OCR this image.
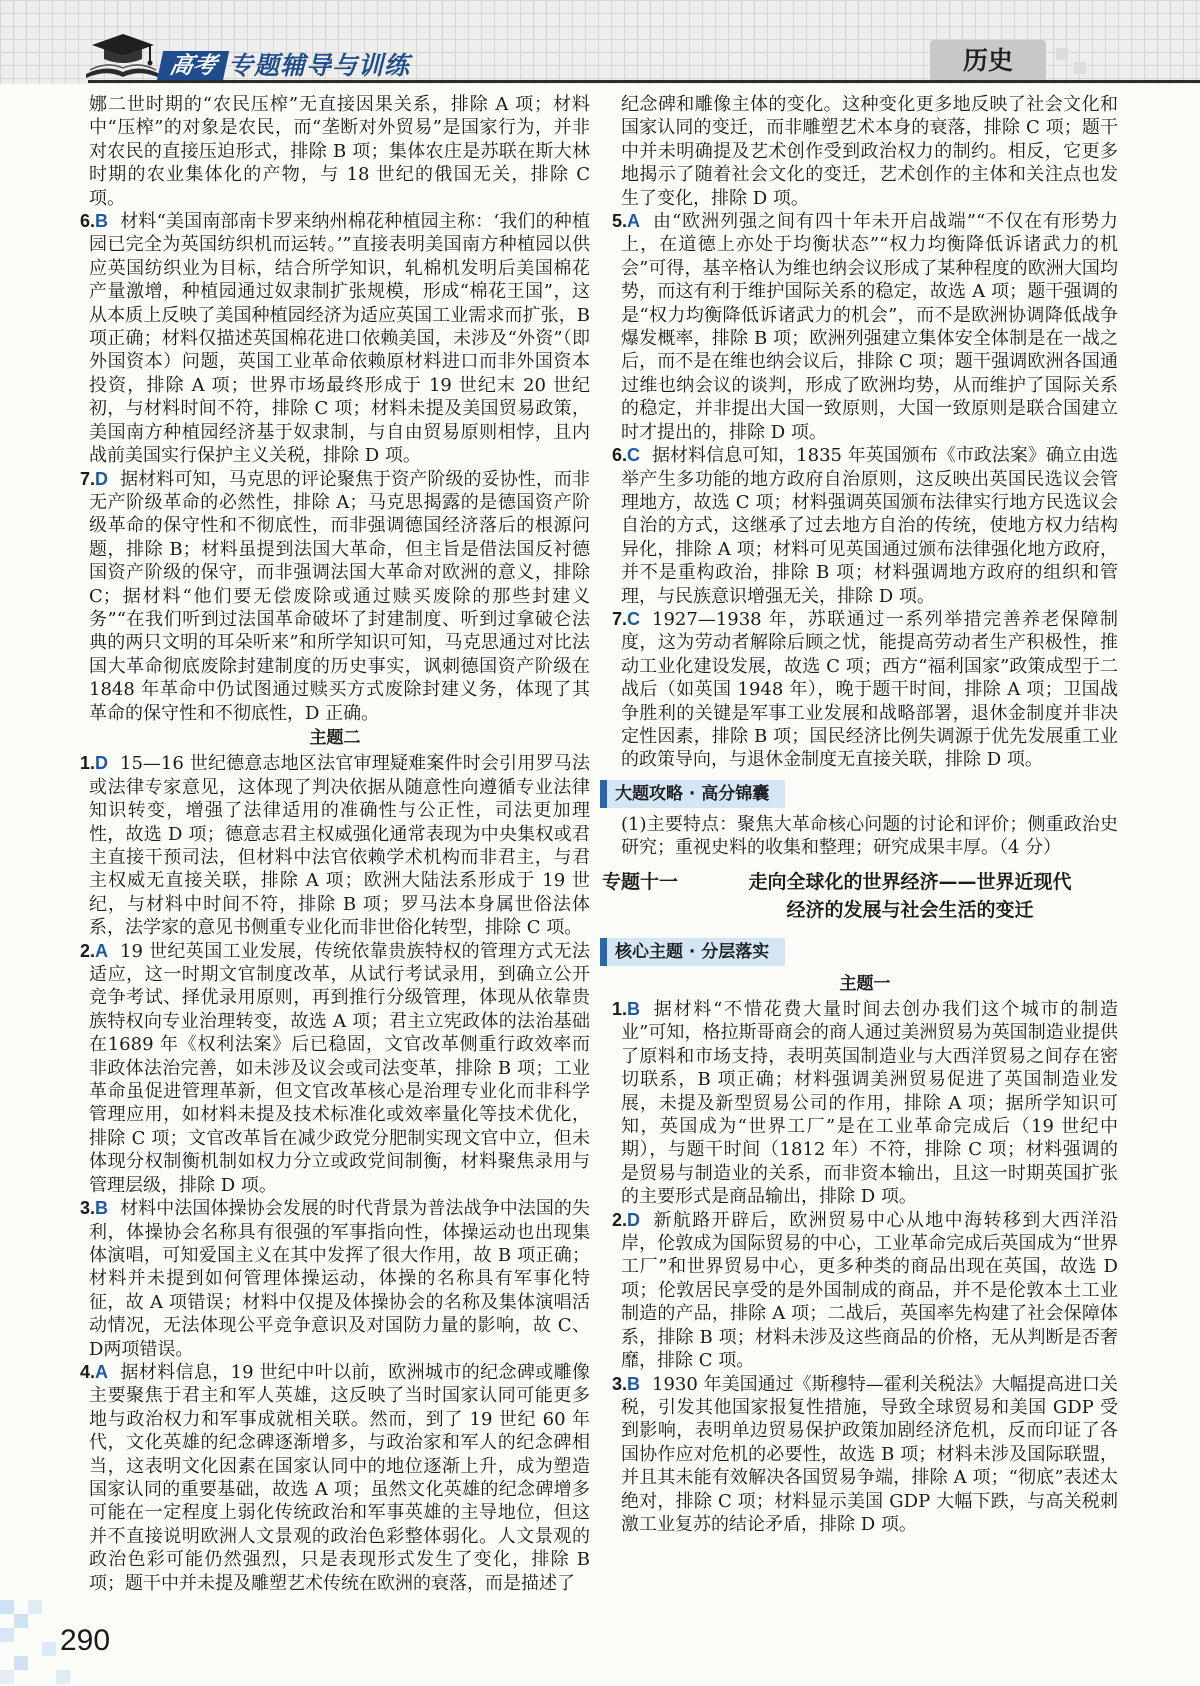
高考 专题辅导与训练	历史
娜二世时期的“农民压榨”无直接因果关系，排除 A 项；材料中“压榨”的对象是农民，而“垄断对外贸易”是国家行为，并非对农民的直接压迫形式，排除 B 项；集体农庄是苏联在斯大林时期的农业集体化的产物，与 18 世纪的俄国无关，排除 C 项。
6.B 材料“美国南部南卡罗来纳州棉花种植园主称：‘我们的种植园已完全为英国纺织机而运转。’”直接表明美国南方种植园以供应英国纺织业为目标，结合所学知识，轧棉机发明后美国棉花产量激增，种植园通过奴隶制扩张规模，形成“棉花王国”，这从本质上反映了美国种植园经济为适应英国工业需求而扩张，B 项正确；材料仅描述英国棉花进口依赖美国，未涉及“外资”（即外国资本）问题，英国工业革命依赖原材料进口而非外国资本投资，排除 A 项；世界市场最终形成于 19 世纪末 20 世纪初，与材料时间不符，排除 C 项；材料未提及美国贸易政策，美国南方种植园经济基于奴隶制，与自由贸易原则相悖，且内战前美国实行保护主义关税，排除 D 项。
7.D 据材料可知，马克思的评论聚焦于资产阶级的妥协性，而非无产阶级革命的必然性，排除 A；马克思揭露的是德国资产阶级革命的保守性和不彻底性，而非强调德国经济落后的根源问题，排除 B；材料虽提到法国大革命，但主旨是借法国反衬德国资产阶级的保守，而非强调法国大革命对欧洲的意义，排除 C；据材料“他们要无偿废除或通过赎买废除的那些封建义务”“在我们听到过法国革命破坏了封建制度、听到过拿破仑法典的两只文明的耳朵听来”和所学知识可知，马克思通过对比法国大革命彻底废除封建制度的历史事实，讽刺德国资产阶级在1848 年革命中仍试图通过赎买方式废除封建义务，体现了其革命的保守性和不彻底性，D 正确。
主题二
1.D 15—16 世纪德意志地区法官审理疑难案件时会引用罗马法或法律专家意见，这体现了判决依据从随意性向遵循专业法律知识转变，增强了法律适用的准确性与公正性，司法更加理性，故选 D 项；德意志君主权威强化通常表现为中央集权或君主直接干预司法，但材料中法官依赖学术机构而非君主，与君主权威无直接关联，排除 A 项；欧洲大陆法系形成于 19 世纪，与材料中时间不符，排除 B 项；罗马法本身属世俗法体系，法学家的意见书侧重专业化而非世俗化转型，排除 C 项。
2.A 19 世纪英国工业发展，传统依靠贵族特权的管理方式无法适应，这一时期文官制度改革，从试行考试录用，到确立公开竞争考试、择优录用原则，再到推行分级管理，体现从依靠贵族特权向专业治理转变，故选 A 项；君主立宪政体的法治基础在1689 年《权利法案》后已稳固，文官改革侧重行政效率而非政体法治完善，如未涉及议会或司法变革，排除 B 项；工业革命虽促进管理革新，但文官改革核心是治理专业化而非科学管理应用，如材料未提及技术标准化或效率量化等技术优化，排除 C 项；文官改革旨在减少政党分肥制实现文官中立，但未体现分权制衡机制如权力分立或政党间制衡，材料聚焦录用与管理层级，排除 D 项。
3.B 材料中法国体操协会发展的时代背景为普法战争中法国的失利，体操协会名称具有很强的军事指向性，体操运动也出现集体演唱，可知爱国主义在其中发挥了很大作用，故 B 项正确；材料并未提到如何管理体操运动，体操的名称具有军事化特征，故 A 项错误；材料中仅提及体操协会的名称及集体演唱活动情况，无法体现公平竞争意识及对国防力量的影响，故 C、D两项错误。
4.A 据材料信息，19 世纪中叶以前，欧洲城市的纪念碑或雕像主要聚焦于君主和军人英雄，这反映了当时国家认同可能更多地与政治权力和军事成就相关联。然而，到了 19 世纪 60 年代，文化英雄的纪念碑逐渐增多，与政治家和军人的纪念碑相当，这表明文化因素在国家认同中的地位逐渐上升，成为塑造国家认同的重要基础，故选 A 项；虽然文化英雄的纪念碑增多可能在一定程度上弱化传统政治和军事英雄的主导地位，但这并不直接说明欧洲人文景观的政治色彩整体弱化。人文景观的政治色彩可能仍然强烈，只是表现形式发生了变化，排除 B 项；题干中并未提及雕塑艺术传统在欧洲的衰落，而是描述了
纪念碑和雕像主体的变化。这种变化更多地反映了社会文化和国家认同的变迁，而非雕塑艺术本身的衰落，排除 C 项；题干中并未明确提及艺术创作受到政治权力的制约。相反，它更多地揭示了随着社会文化的变迁，艺术创作的主体和关注点也发生了变化，排除 D 项。
5.A 由“欧洲列强之间有四十年未开启战端”“不仅在有形势力上，在道德上亦处于均衡状态”“权力均衡降低诉诸武力的机会”可得，基辛格认为维也纳会议形成了某种程度的欧洲大国均势，而这有利于维护国际关系的稳定，故选 A 项；题干强调的是“权力均衡降低诉诸武力的机会”，而不是欧洲协调降低战争爆发概率，排除 B 项；欧洲列强建立集体安全体制是在一战之后，而不是在维也纳会议后，排除 C 项；题干强调欧洲各国通过维也纳会议的谈判，形成了欧洲均势，从而维护了国际关系的稳定，并非提出大国一致原则，大国一致原则是联合国建立时才提出的，排除 D 项。
6.C 据材料信息可知，1835 年英国颁布《市政法案》确立由选举产生多功能的地方政府自治原则，这反映出英国民选议会管理地方，故选 C 项；材料强调英国颁布法律实行地方民选议会自治的方式，这继承了过去地方自治的传统，使地方权力结构异化，排除 A 项；材料可见英国通过颁布法律强化地方政府，并不是重构政治，排除 B 项；材料强调地方政府的组织和管理，与民族意识增强无关，排除 D 项。
7.C 1927—1938 年，苏联通过一系列举措完善养老保障制度，这为劳动者解除后顾之忧，能提高劳动者生产积极性，推动工业化建设发展，故选 C 项；西方“福利国家”政策成型于二战后（如英国 1948 年），晚于题干时间，排除 A 项；卫国战争胜利的关键是军事工业发展和战略部署，退休金制度并非决定性因素，排除 B 项；国民经济比例失调源于优先发展重工业的政策导向，与退休金制度无直接关联，排除 D 项。
大题攻略 · 高分锦囊
(1)主要特点：聚焦大革命核心问题的讨论和评价；侧重政治史研究；重视史料的收集和整理；研究成果丰厚。（4 分）
专题十一	走向全球化的世界经济——世界近现代
经济的发展与社会生活的变迁
核心主题 · 分层落实
主题一
1.B 据材料“不惜花费大量时间去创办我们这个城市的制造业”可知，格拉斯哥商会的商人通过美洲贸易为英国制造业提供了原料和市场支持，表明英国制造业与大西洋贸易之间存在密切联系，B 项正确；材料强调美洲贸易促进了英国制造业发展，未提及新型贸易公司的作用，排除 A 项；据所学知识可知，英国成为“世界工厂”是在工业革命完成后（19 世纪中期），与题干时间（1812 年）不符，排除 C 项；材料强调的是贸易与制造业的关系，而非资本输出，且这一时期英国扩张的主要形式是商品输出，排除 D 项。
2.D 新航路开辟后，欧洲贸易中心从地中海转移到大西洋沿岸，伦敦成为国际贸易的中心，工业革命完成后英国成为“世界工厂”和世界贸易中心，更多种类的商品出现在英国，故选 D 项；伦敦居民享受的是外国制成的商品，并不是伦敦本土工业制造的产品，排除 A 项；二战后，英国率先构建了社会保障体系，排除 B 项；材料未涉及这些商品的价格，无从判断是否奢靡，排除 C 项。
3.B 1930 年美国通过《斯穆特—霍利关税法》大幅提高进口关税，引发其他国家报复性措施，导致全球贸易和美国 GDP 受到影响，表明单边贸易保护政策加剧经济危机，反而印证了各国协作应对危机的必要性，故选 B 项；材料未涉及国际联盟，并且其未能有效解决各国贸易争端，排除 A 项；“彻底”表述太绝对，排除 C 项；材料显示美国 GDP 大幅下跌，与高关税刺激工业复苏的结论矛盾，排除 D 项。
290
